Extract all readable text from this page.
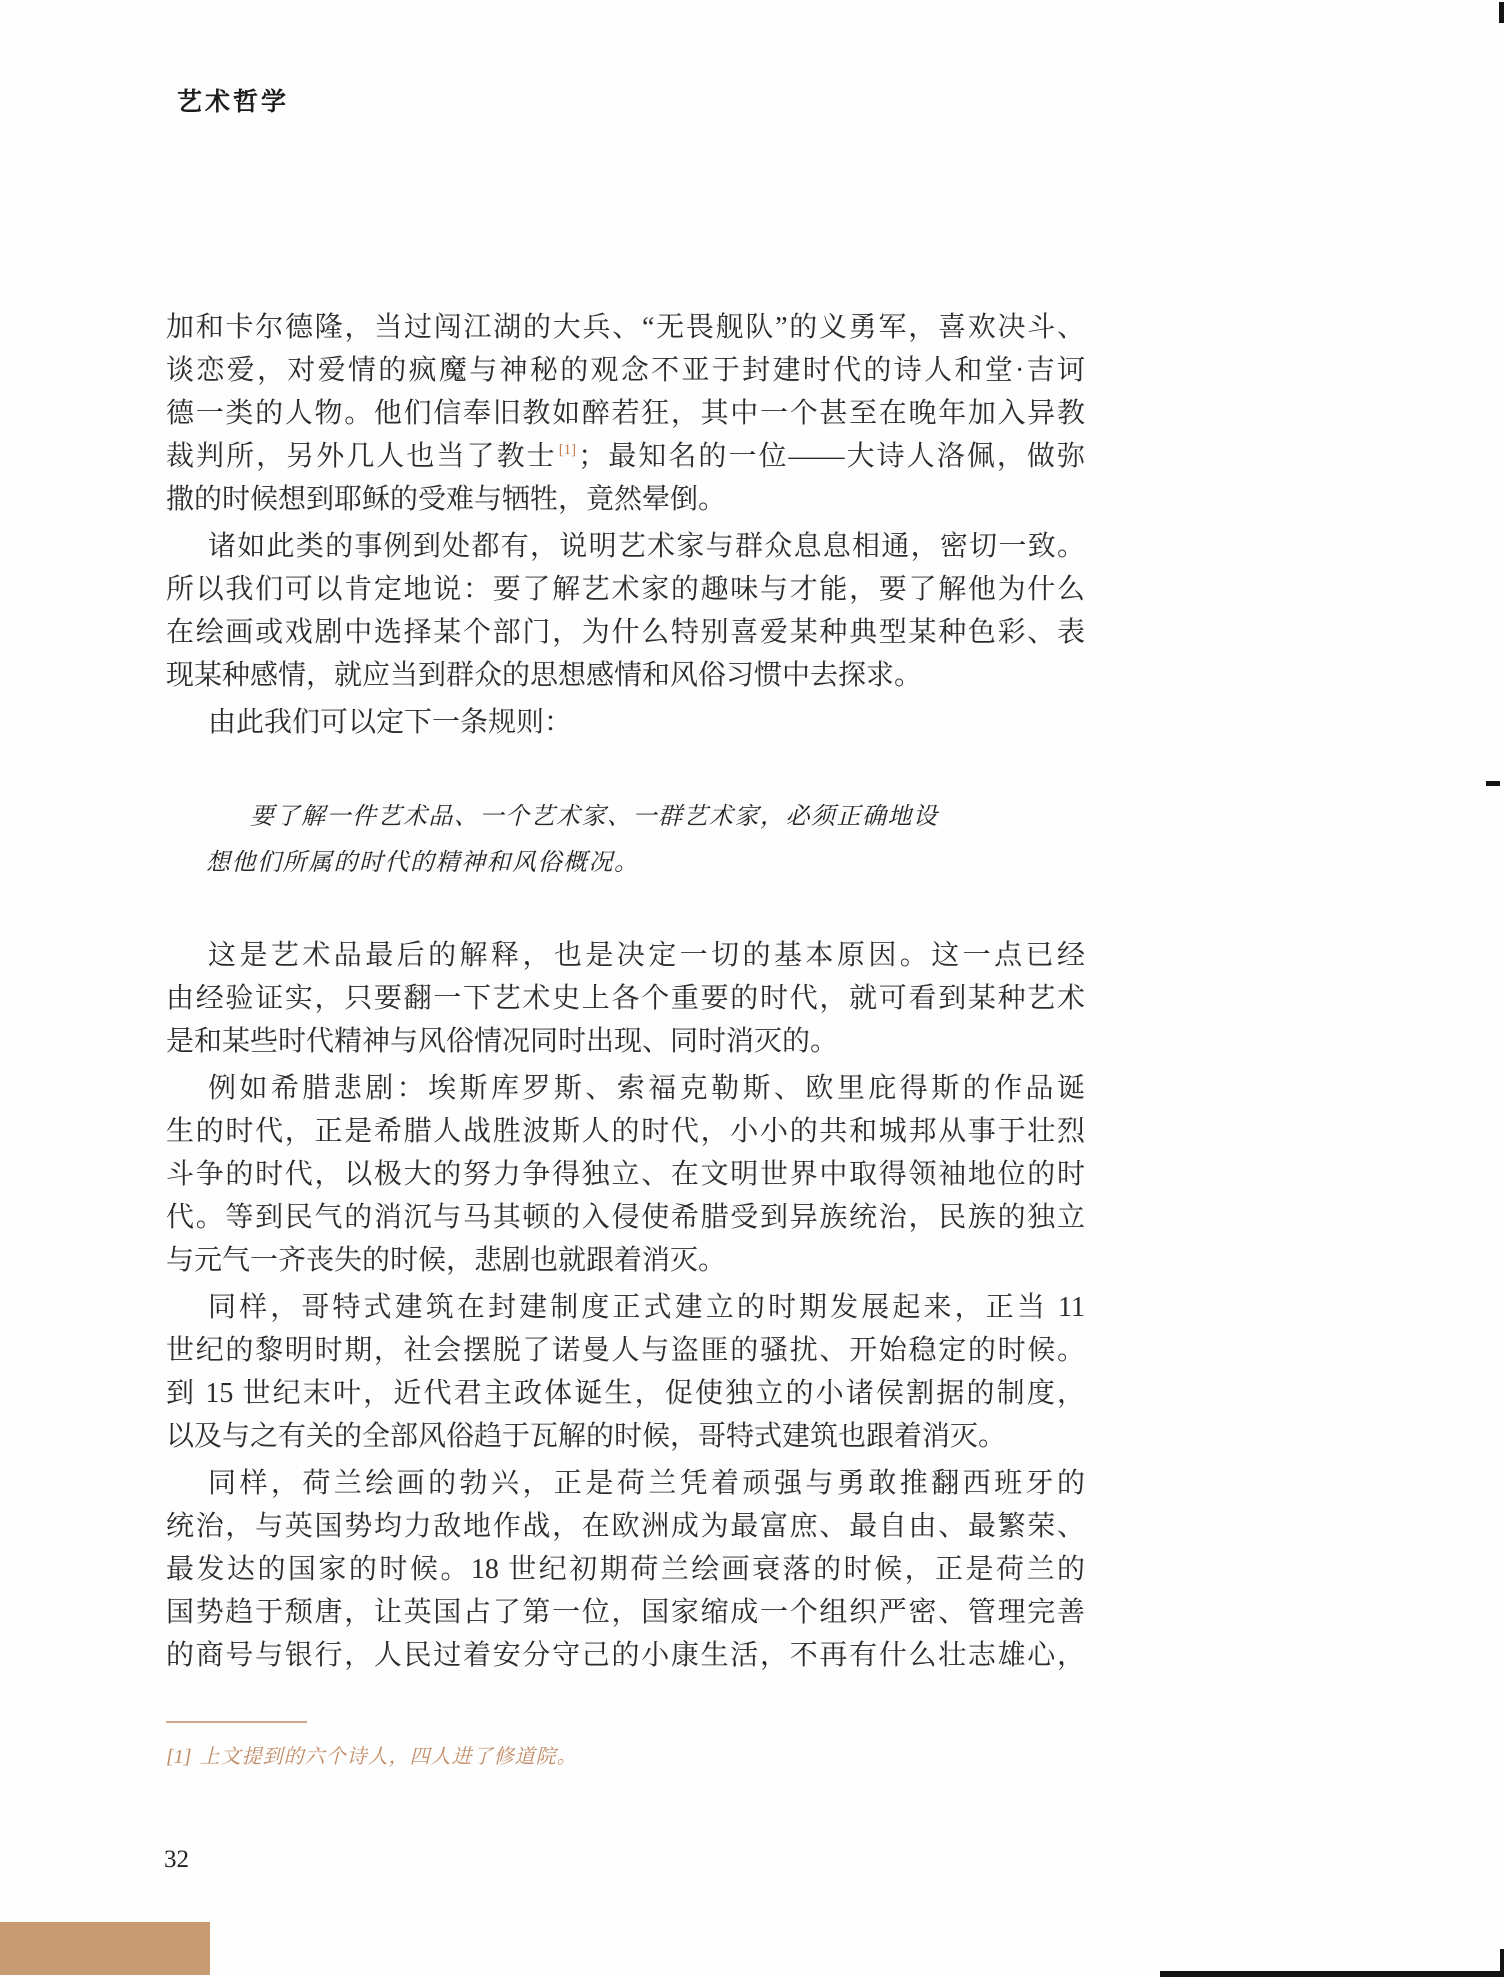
艺术哲学
加和卡尔德隆，当过闯江湖的大兵、“无畏舰队”的义勇军，喜欢决斗、
谈恋爱，对爱情的疯魔与神秘的观念不亚于封建时代的诗人和堂·吉诃
德一类的人物。他们信奉旧教如醉若狂，其中一个甚至在晚年加入异教
裁判所，另外几人也当了教士 [1]；最知名的一位——大诗人洛佩，做弥
撒的时候想到耶稣的受难与牺牲，竟然晕倒。
诸如此类的事例到处都有，说明艺术家与群众息息相通，密切一致。
所以我们可以肯定地说：要了解艺术家的趣味与才能，要了解他为什么
在绘画或戏剧中选择某个部门，为什么特别喜爱某种典型某种色彩、表
现某种感情，就应当到群众的思想感情和风俗习惯中去探求。
由此我们可以定下一条规则：
要了解一件艺术品、一个艺术家、一群艺术家，必须正确地设
想他们所属的时代的精神和风俗概况。
这是艺术品最后的解释，也是决定一切的基本原因。这一点已经
由经验证实，只要翻一下艺术史上各个重要的时代，就可看到某种艺术
是和某些时代精神与风俗情况同时出现、同时消灭的。
例如希腊悲剧：埃斯库罗斯、索福克勒斯、欧里庇得斯的作品诞
生的时代，正是希腊人战胜波斯人的时代，小小的共和城邦从事于壮烈
斗争的时代，以极大的努力争得独立、在文明世界中取得领袖地位的时
代。等到民气的消沉与马其顿的入侵使希腊受到异族统治，民族的独立
与元气一齐丧失的时候，悲剧也就跟着消灭。
同样，哥特式建筑在封建制度正式建立的时期发展起来，正当 11
世纪的黎明时期，社会摆脱了诺曼人与盗匪的骚扰、开始稳定的时候。
到 15 世纪末叶，近代君主政体诞生，促使独立的小诸侯割据的制度，
以及与之有关的全部风俗趋于瓦解的时候，哥特式建筑也跟着消灭。
同样，荷兰绘画的勃兴，正是荷兰凭着顽强与勇敢推翻西班牙的
统治，与英国势均力敌地作战，在欧洲成为最富庶、最自由、最繁荣、
最发达的国家的时候。18 世纪初期荷兰绘画衰落的时候，正是荷兰的
国势趋于颓唐，让英国占了第一位，国家缩成一个组织严密、管理完善
的商号与银行，人民过着安分守己的小康生活，不再有什么壮志雄心，
[1] 上文提到的六个诗人，四人进了修道院。
32
